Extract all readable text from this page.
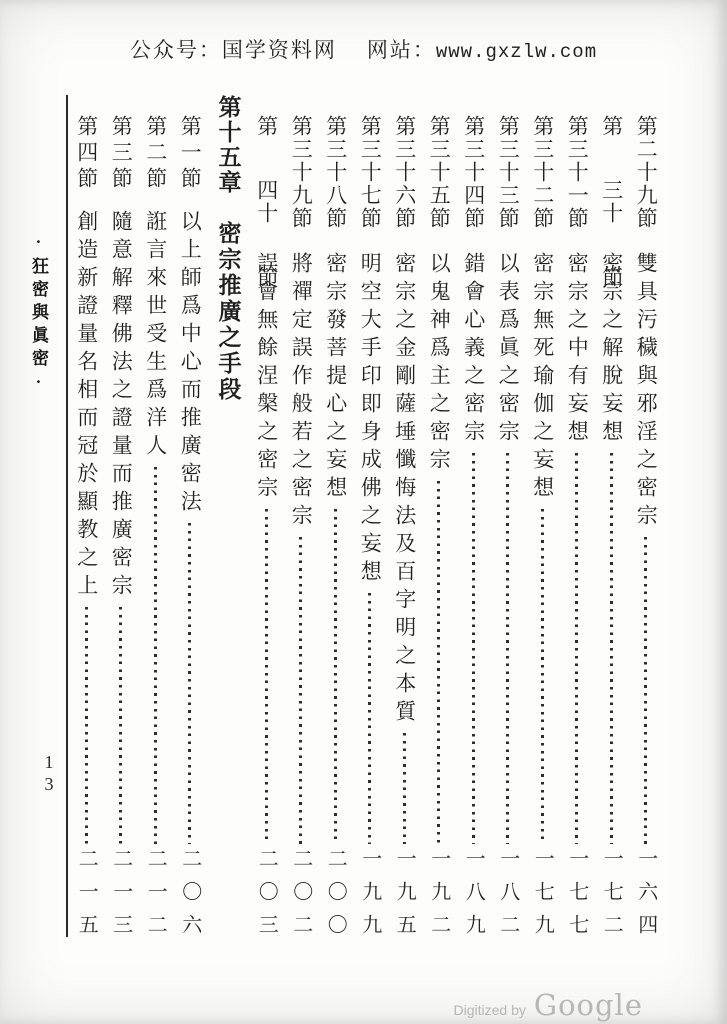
公众号：国学资料网 网站：www.gxzlw.com
·狂密與眞密·
13
第二十九節
雙具污穢與邪淫之密宗
一六四
第 三十 節
密宗之解脫妄想
一七二
第三十一節
密宗之中有妄想
一七七
第三十二節
密宗無死瑜伽之妄想
一七九
第三十三節
以表爲眞之密宗
一八二
第三十四節
錯會心義之密宗
一八九
第三十五節
以鬼神爲主之密宗
一九二
第三十六節
密宗之金剛薩埵懺悔法及百字明之本質
一九五
第三十七節
明空大手印即身成佛之妄想
一九九
第三十八節
密宗發菩提心之妄想
二〇〇
第三十九節
將禪定誤作般若之密宗
二〇二
第 四十 節
誤會無餘涅槃之密宗
二〇三
第十五章
密宗推廣之手段
第一節
以上師爲中心而推廣密法
二〇六
第二節
誑言來世受生爲洋人
二一二
第三節
隨意解釋佛法之證量而推廣密宗
二一三
第四節
創造新證量名相而冠於顯教之上
二一五
Digitized by Google
